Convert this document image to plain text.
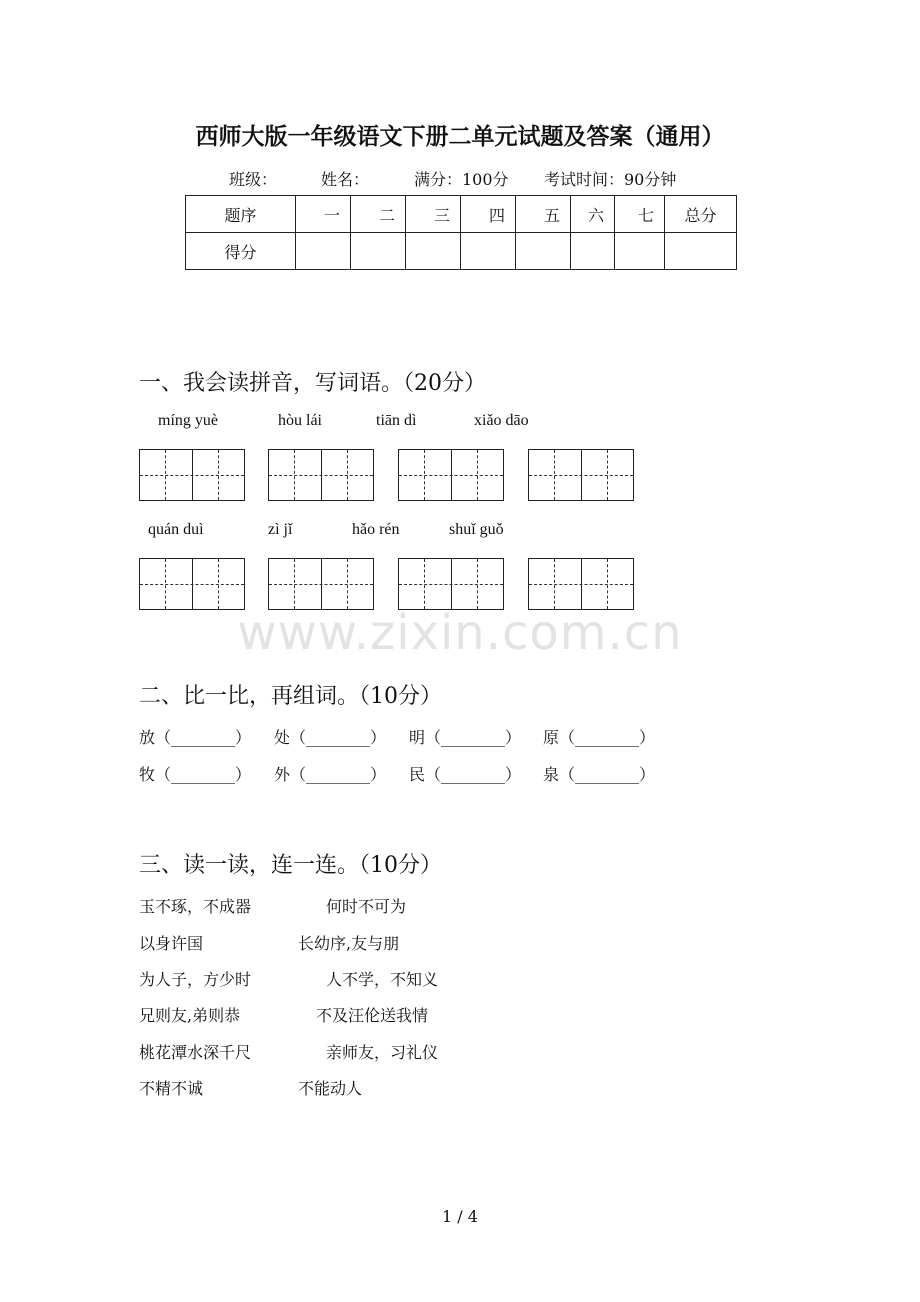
西师大版一年级语文下册二单元试题及答案（通用）
班级：	姓名：	满分：100分 考试时间：90分钟
题序	一	二	三	四	五	六	七	总分
得分								
一、我会读拼音，写词语。（20分）
míng yuè	hòu lái	tiān dì	xiǎo dāo
quán duì	zì jǐ	hǎo rén	shuǐ guǒ
www.zixin.com.cn
二、比一比，再组词。（10分）
放（________） 处（________） 明（________） 原（________）
牧（________） 外（________） 民（________） 泉（________）
三、读一读，连一连。（10分）
玉不琢，不成器	何时不可为
以身许国	长幼序,友与朋
为人子，方少时	人不学，不知义
兄则友,弟则恭	不及汪伦送我情
桃花潭水深千尺	亲师友，习礼仪
不精不诚	不能动人
1 / 4
